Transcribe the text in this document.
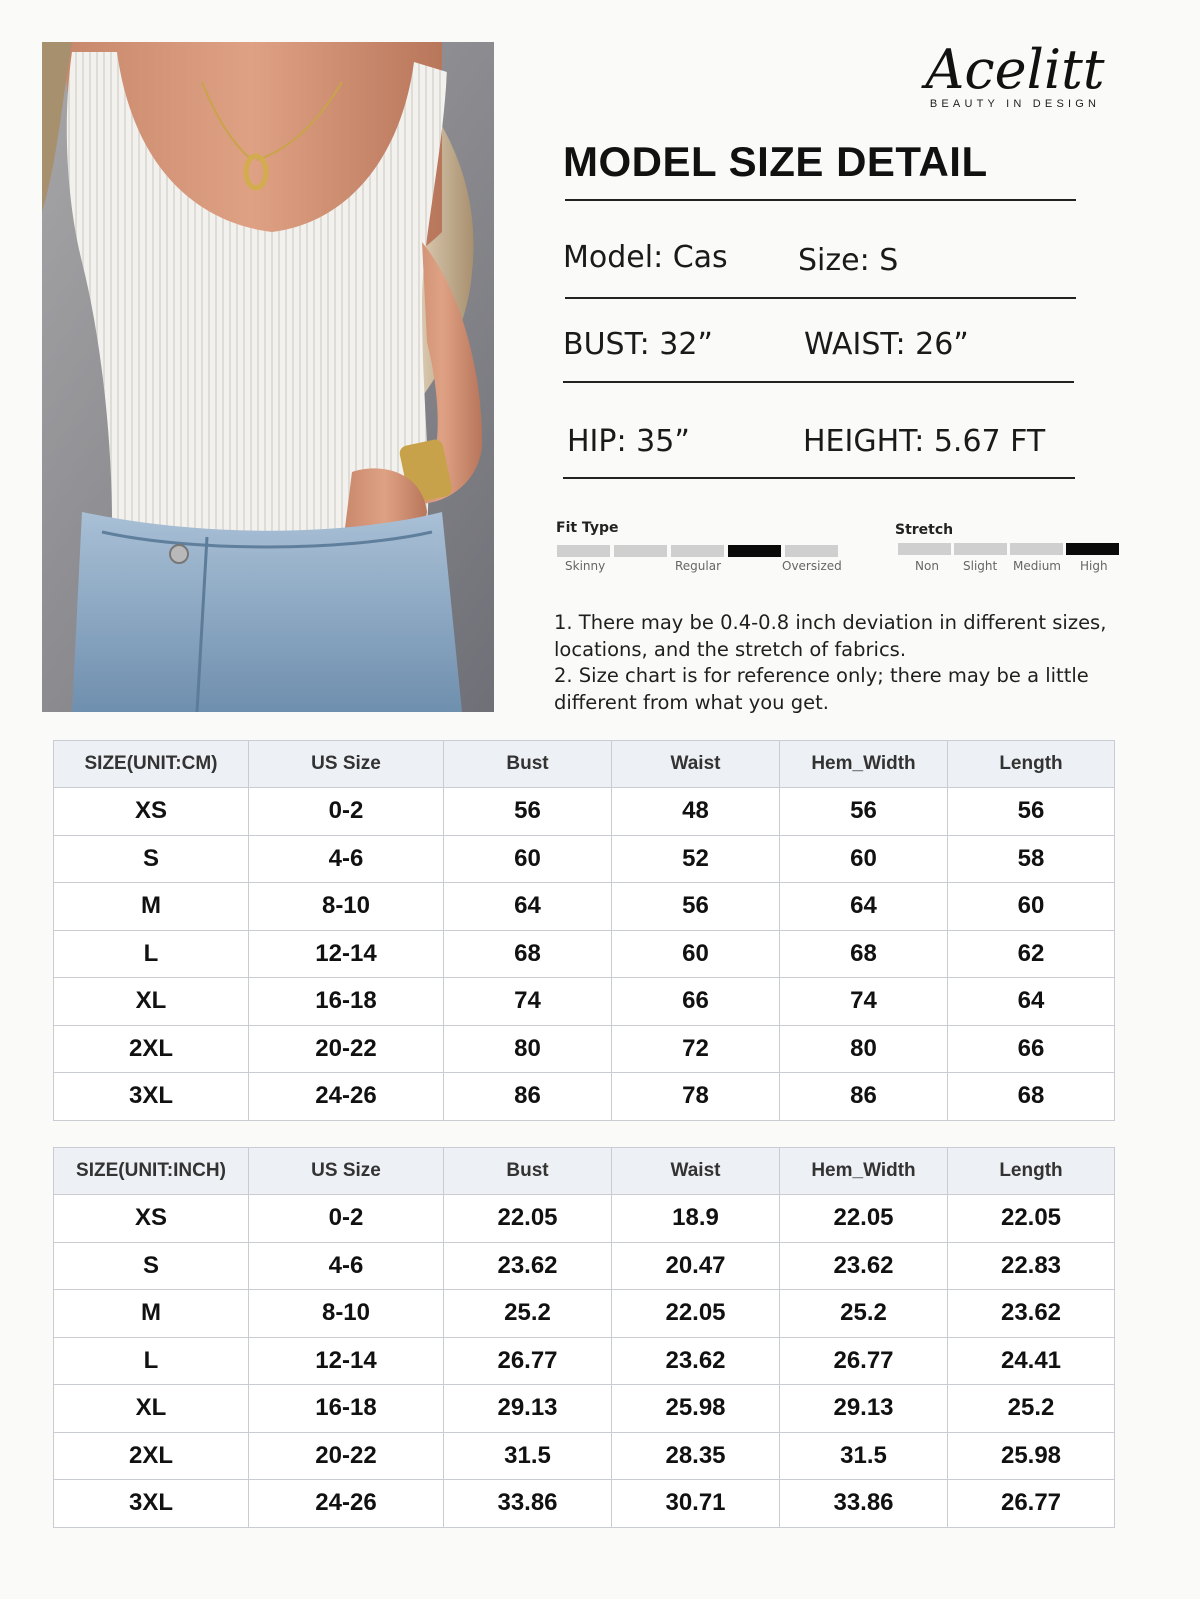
Acelitt
BEAUTY IN DESIGN
MODEL SIZE DETAIL
Model: Cas Size: S
BUST: 32”	WAIST: 26”
HIP: 35”	HEIGHT: 5.67 FT
Fit Type
Skinny	Regular	Oversized
Stretch
Non Slight Medium High

1. There may be 0.4-0.8 inch deviation in different sizes, locations, and the stretch of fabrics.

2. Size chart is for reference only; there may be a little different from what you get.

SIZE(UNIT:CM)	US Size	Bust	Waist	Hem_Width	Length
XS	0-2	56	48	56	56
S	4-6	60	52	60	58
M	8-10	64	56	64	60
L	12-14	68	60	68	62
XL	16-18	74	66	74	64
2XL	20-22	80	72	80	66
3XL	24-26	86	78	86	68
SIZE(UNIT:INCH)	US Size	Bust	Waist	Hem_Width	Length
XS	0-2	22.05	18.9	22.05	22.05
S	4-6	23.62	20.47	23.62	22.83
M	8-10	25.2	22.05	25.2	23.62
L	12-14	26.77	23.62	26.77	24.41
XL	16-18	29.13	25.98	29.13	25.2
2XL	20-22	31.5	28.35	31.5	25.98
3XL	24-26	33.86	30.71	33.86	26.77
